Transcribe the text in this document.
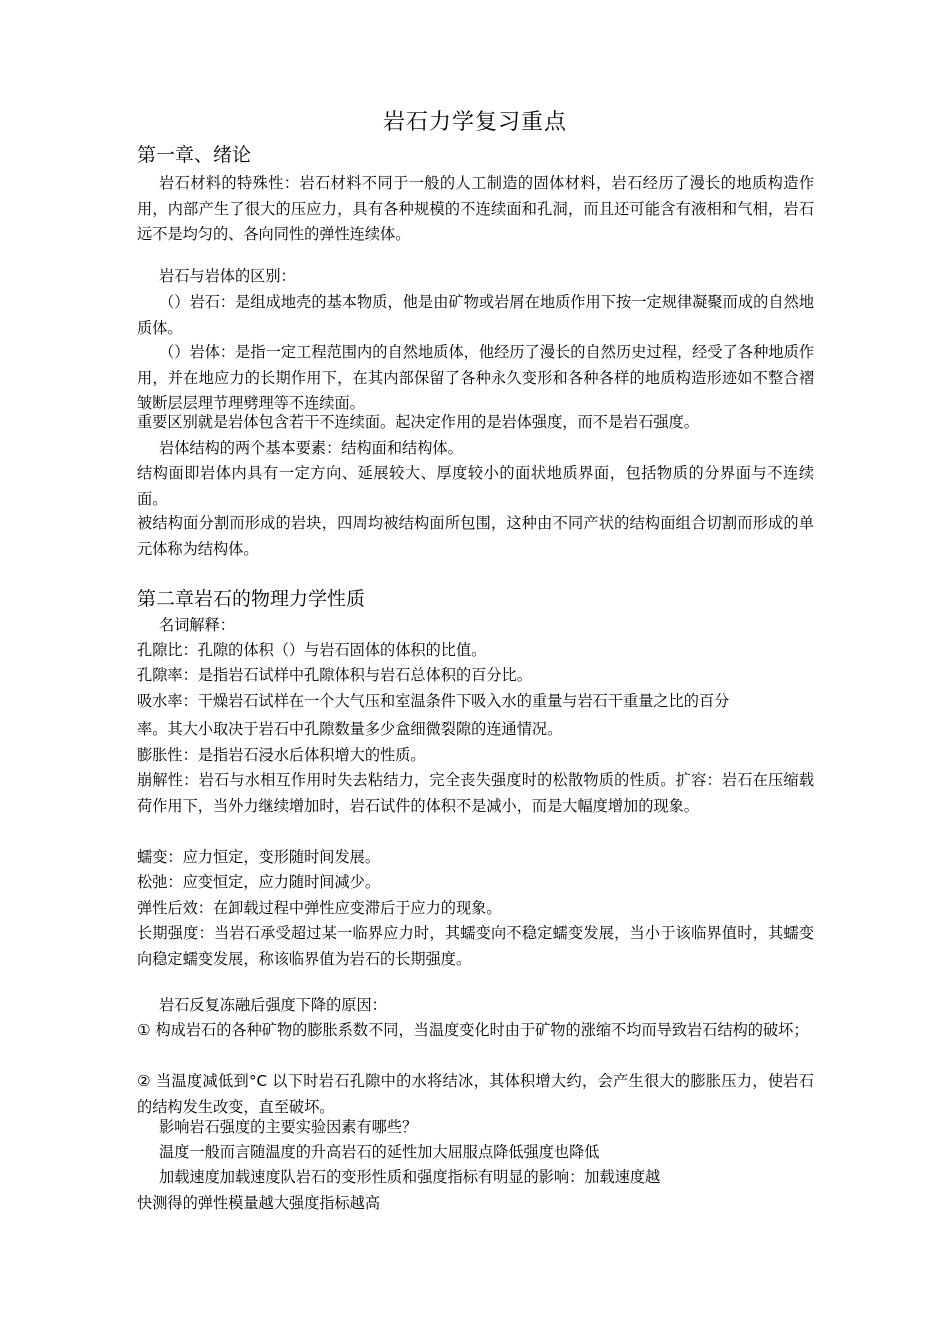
岩石力学复习重点
第一章、绪论

岩石材料的特殊性：岩石材料不同于一般的人工制造的固体材料，岩石经历了漫长的地质构造作用，内部产生了很大的压应力，具有各种规模的不连续面和孔洞，而且还可能含有液相和气相，岩石远不是均匀的、各向同性的弹性连续体。

岩石与岩体的区别：

（）岩石：是组成地壳的基本物质，他是由矿物或岩屑在地质作用下按一定规律凝聚而成的自然地质体。

（）岩体：是指一定工程范围内的自然地质体，他经历了漫长的自然历史过程，经受了各种地质作用，并在地应力的长期作用下，在其内部保留了各种永久变形和各种各样的地质构造形迹如不整合褶皱断层层理节理劈理等不连续面。

重要区别就是岩体包含若干不连续面。起决定作用的是岩体强度，而不是岩石强度。

岩体结构的两个基本要素：结构面和结构体。

结构面即岩体内具有一定方向、延展较大、厚度较小的面状地质界面，包括物质的分界面与不连续面。

被结构面分割而形成的岩块，四周均被结构面所包围，这种由不同产状的结构面组合切割而形成的单元体称为结构体。

第二章岩石的物理力学性质

名词解释：

孔隙比：孔隙的体积（）与岩石固体的体积的比值。

孔隙率：是指岩石试样中孔隙体积与岩石总体积的百分比。

吸水率：干燥岩石试样在一个大气压和室温条件下吸入水的重量与岩石干重量之比的百分

率。其大小取决于岩石中孔隙数量多少盒细微裂隙的连通情况。

膨胀性：是指岩石浸水后体积增大的性质。

崩解性：岩石与水相互作用时失去粘结力，完全丧失强度时的松散物质的性质。扩容：岩石在压缩载荷作用下，当外力继续增加时，岩石试件的体积不是减小，而是大幅度增加的现象。

蠕变：应力恒定，变形随时间发展。

松弛：应变恒定，应力随时间减少。

弹性后效：在卸载过程中弹性应变滞后于应力的现象。

长期强度：当岩石承受超过某一临界应力时，其蠕变向不稳定蠕变发展，当小于该临界值时，其蠕变向稳定蠕变发展，称该临界值为岩石的长期强度。

岩石反复冻融后强度下降的原因：

① 构成岩石的各种矿物的膨胀系数不同，当温度变化时由于矿物的涨缩不均而导致岩石结构的破坏；

② 当温度减低到°C 以下时岩石孔隙中的水将结冰，其体积增大约，会产生很大的膨胀压力，使岩石的结构发生改变，直至破坏。

影响岩石强度的主要实验因素有哪些？

温度一般而言随温度的升高岩石的延性加大屈服点降低强度也降低

加载速度加载速度队岩石的变形性质和强度指标有明显的影响：加载速度越

快测得的弹性模量越大强度指标越高
